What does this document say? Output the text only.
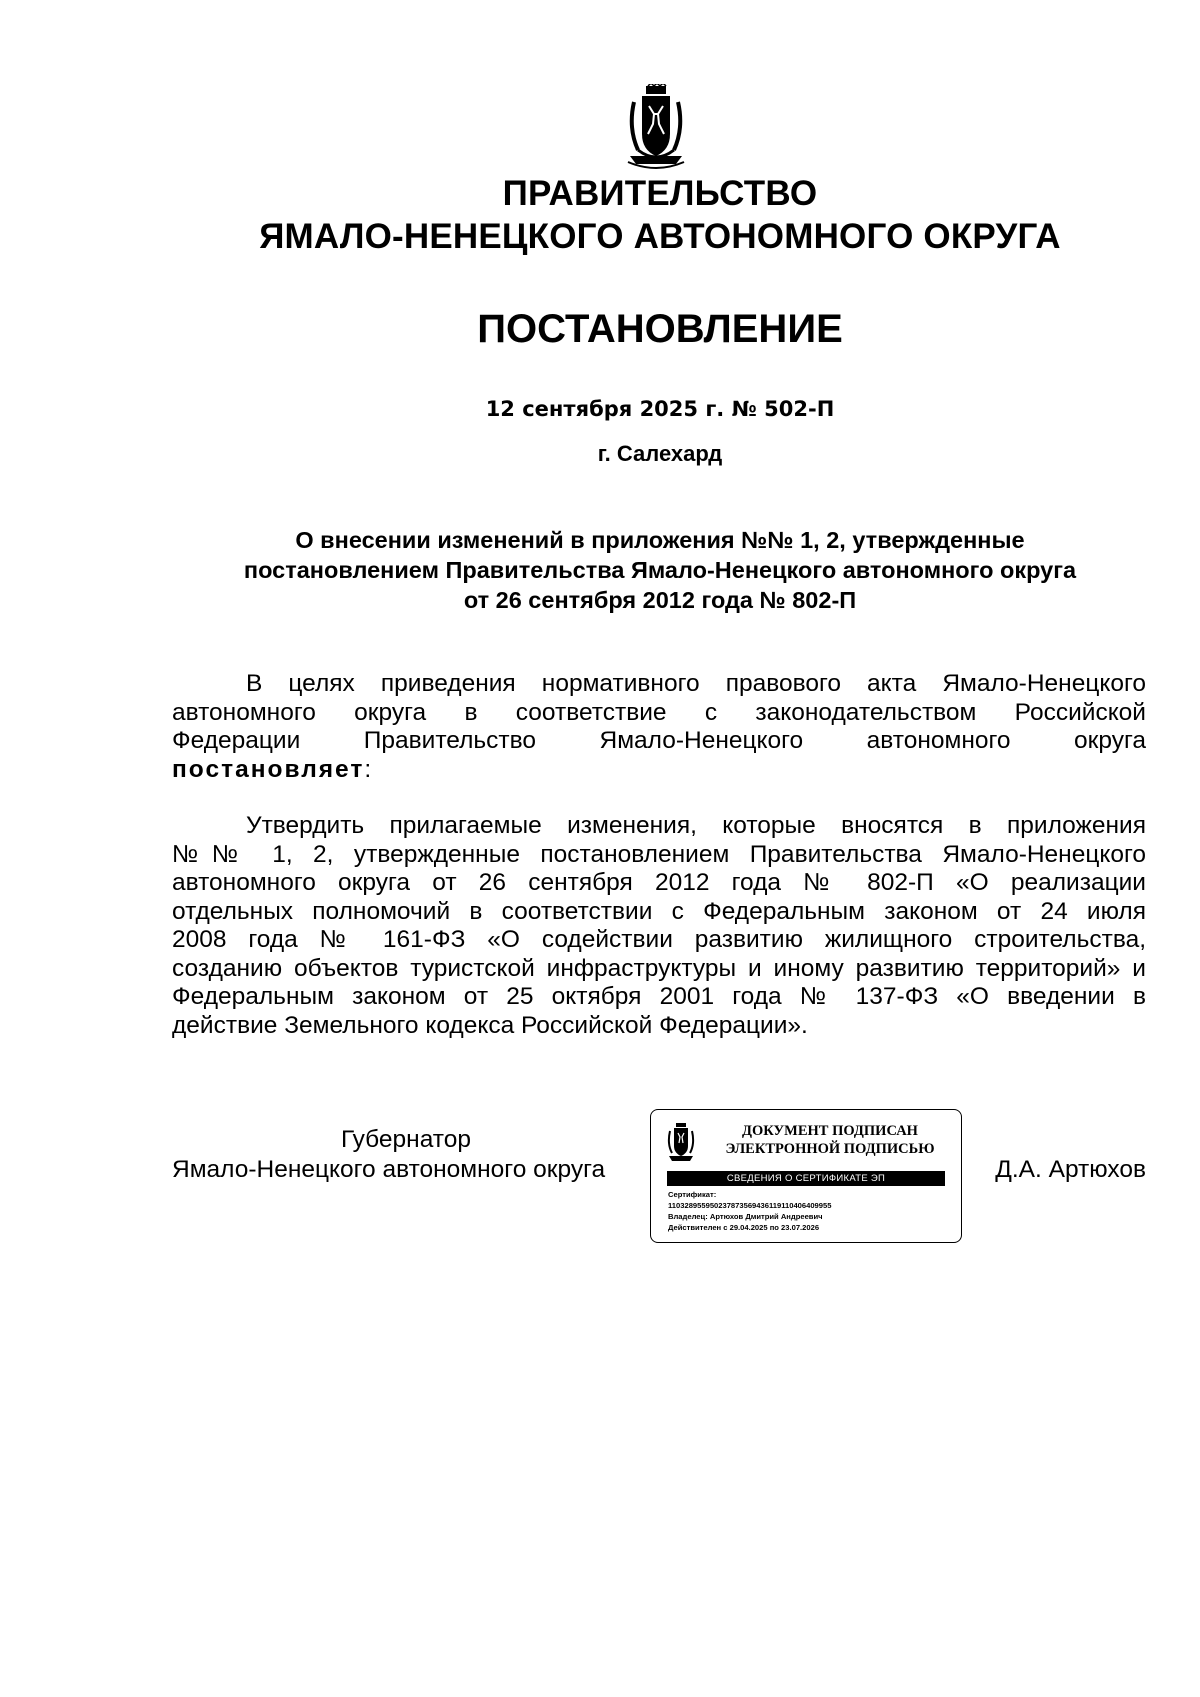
ПРАВИТЕЛЬСТВО
ЯМАЛО-НЕНЕЦКОГО АВТОНОМНОГО ОКРУГА
ПОСТАНОВЛЕНИЕ
12 сентября 2025 г. № 502-П
г. Салехард
О внесении изменений в приложения №№ 1, 2, утвержденные
постановлением Правительства Ямало-Ненецкого автономного округа
от 26 сентября 2012 года № 802-П
В целях приведения нормативного правового акта Ямало-Ненецкого
автономного округа в соответствие с законодательством Российской
Федерации Правительство Ямало-Ненецкого автономного округа
постановляет:
Утвердить прилагаемые изменения, которые вносятся в приложения
№№ 1, 2, утвержденные постановлением Правительства Ямало-Ненецкого
автономного округа от 26 сентября 2012 года № 802-П «О реализации
отдельных полномочий в соответствии с Федеральным законом от 24 июля
2008 года № 161-ФЗ «О содействии развитию жилищного строительства,
созданию объектов туристской инфраструктуры и иному развитию территорий» и
Федеральным законом от 25 октября 2001 года № 137-ФЗ «О введении в
действие Земельного кодекса Российской Федерации».
Губернатор
Ямало-Ненецкого автономного округа
ДОКУМЕНТ ПОДПИСАН
ЭЛЕКТРОННОЙ ПОДПИСЬЮ
СВЕДЕНИЯ О СЕРТИФИКАТЕ ЭП
Сертификат:
110328955950237873569436119110406409955
Владелец: Артюхов Дмитрий Андреевич
Действителен с 29.04.2025 по 23.07.2026
Д.А. Артюхов
